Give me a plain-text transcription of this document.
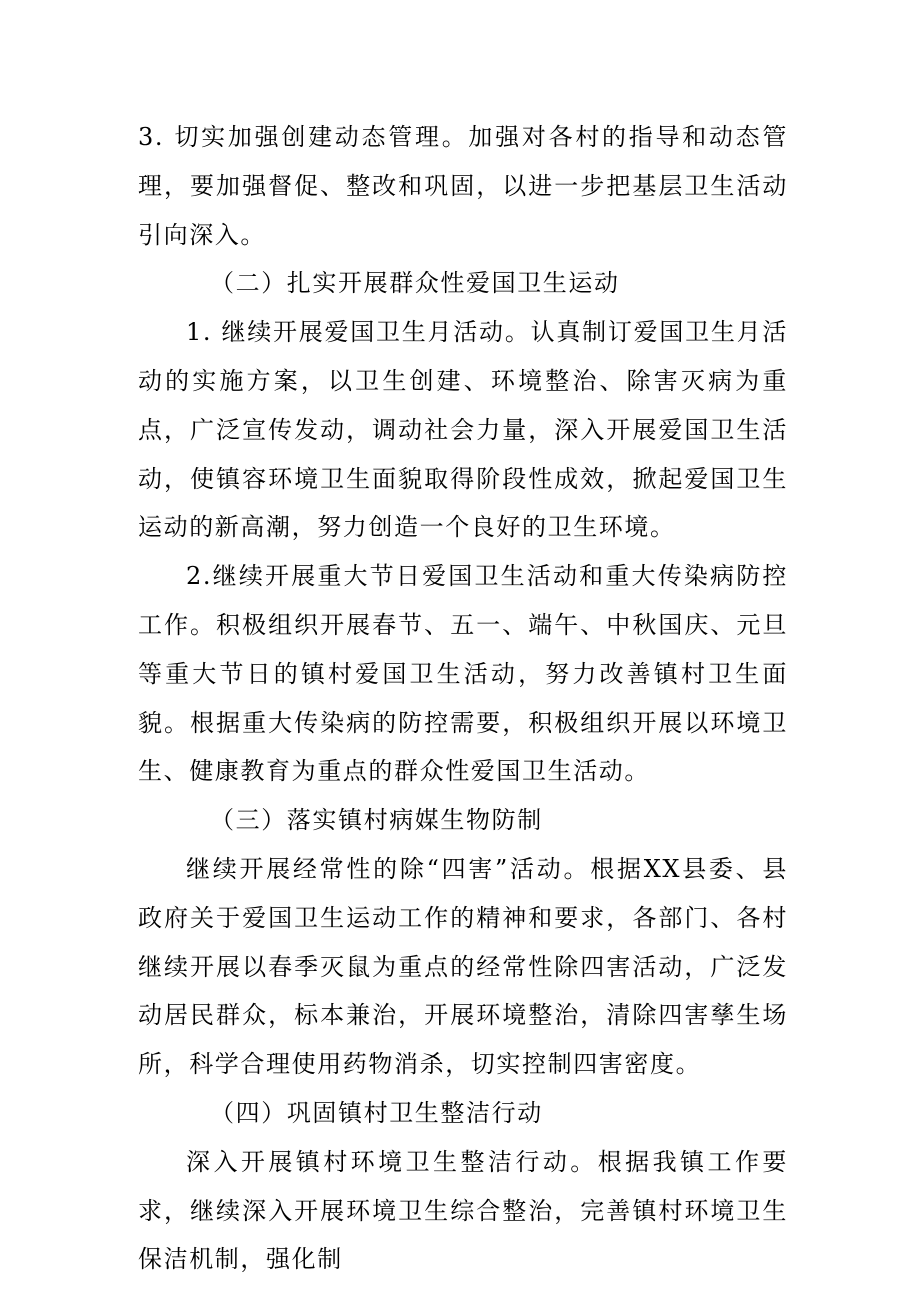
3. 切实加强创建动态管理。加强对各村的指导和动态管理，要加强督促、整改和巩固，以进一步把基层卫生活动引向深入。

（二）扎实开展群众性爱国卫生运动

1. 继续开展爱国卫生月活动。认真制订爱国卫生月活动的实施方案，以卫生创建、环境整治、除害灭病为重点，广泛宣传发动，调动社会力量，深入开展爱国卫生活动，使镇容环境卫生面貌取得阶段性成效，掀起爱国卫生运动的新高潮，努力创造一个良好的卫生环境。

2.继续开展重大节日爱国卫生活动和重大传染病防控工作。积极组织开展春节、五一、端午、中秋国庆、元旦等重大节日的镇村爱国卫生活动，努力改善镇村卫生面貌。根据重大传染病的防控需要，积极组织开展以环境卫生、健康教育为重点的群众性爱国卫生活动。

（三）落实镇村病媒生物防制

继续开展经常性的除“四害”活动。根据XX县委、县政府关于爱国卫生运动工作的精神和要求，各部门、各村继续开展以春季灭鼠为重点的经常性除四害活动，广泛发动居民群众，标本兼治，开展环境整治，清除四害孳生场所，科学合理使用药物消杀，切实控制四害密度。

（四）巩固镇村卫生整洁行动

深入开展镇村环境卫生整洁行动。根据我镇工作要求，继续深入开展环境卫生综合整治，完善镇村环境卫生保洁机制，强化制
